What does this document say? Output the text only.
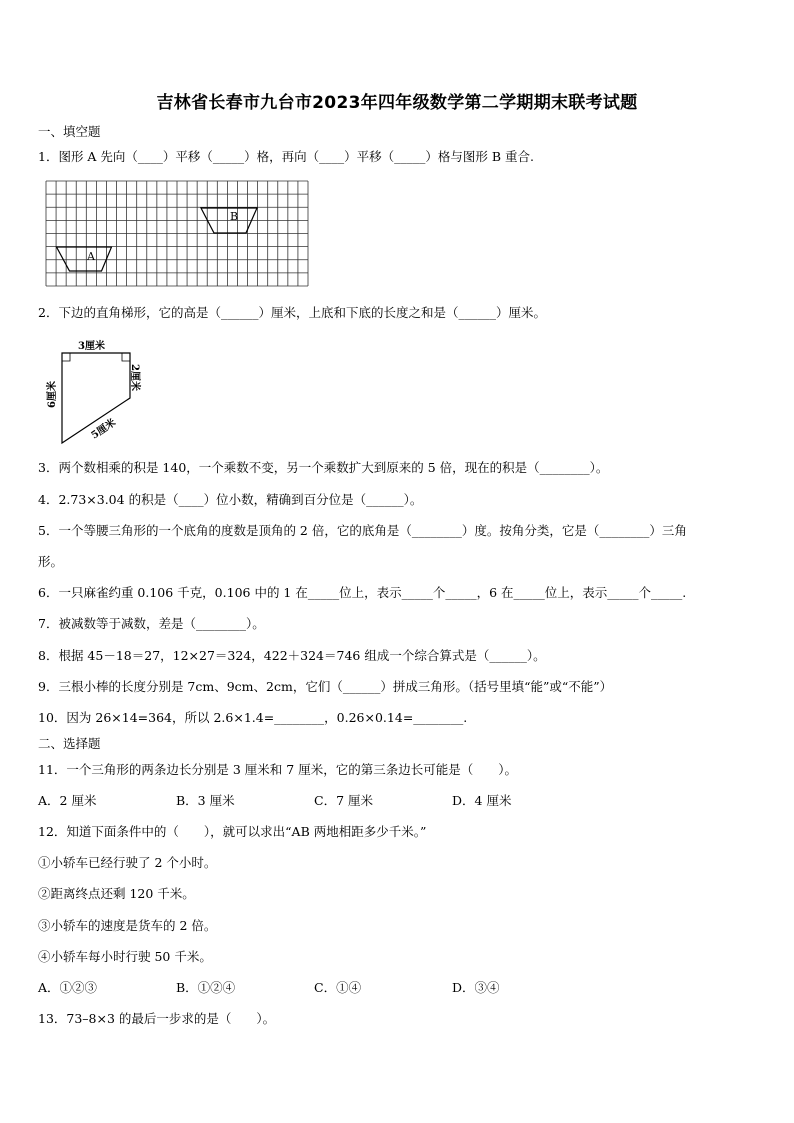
吉林省长春市九台市2023年四年级数学第二学期期末联考试题
一、填空题
1．图形 A 先向（____）平移（_____）格，再向（____）平移（_____）格与图形 B 重合.
A
B
2．下边的直角梯形，它的高是（______）厘米，上底和下底的长度之和是（______）厘米。
3厘米
6厘米
2厘米
5厘米
3．两个数相乘的积是 140，一个乘数不变，另一个乘数扩大到原来的 5 倍，现在的积是（________）。
4．2.73×3.04 的积是（____）位小数，精确到百分位是（______）。
5．一个等腰三角形的一个底角的度数是顶角的 2 倍，它的底角是（________）度。按角分类，它是（________）三角
形。
6．一只麻雀约重 0.106 千克，0.106 中的 1 在_____位上，表示_____个_____，6 在_____位上，表示_____个_____.
7．被减数等于减数，差是（________）。
8．根据 45－18＝27，12×27＝324，422＋324＝746 组成一个综合算式是（______）。
9．三根小棒的长度分别是 7cm、9cm、2cm，它们（______）拼成三角形。（括号里填“能”或“不能”）
10．因为 26×14=364，所以 2.6×1.4=________，0.26×0.14=________.
二、选择题
11．一个三角形的两条边长分别是 3 厘米和 7 厘米，它的第三条边长可能是（　　）。
A．2 厘米	B．3 厘米	C．7 厘米	D．4 厘米
12．知道下面条件中的（　　），就可以求出“AB 两地相距多少千米。”
①小轿车已经行驶了 2 个小时。
②距离终点还剩 120 千米。
③小轿车的速度是货车的 2 倍。
④小轿车每小时行驶 50 千米。
A．①②③	B．①②④	C．①④	D．③④
13．73–8×3 的最后一步求的是（　　）。
